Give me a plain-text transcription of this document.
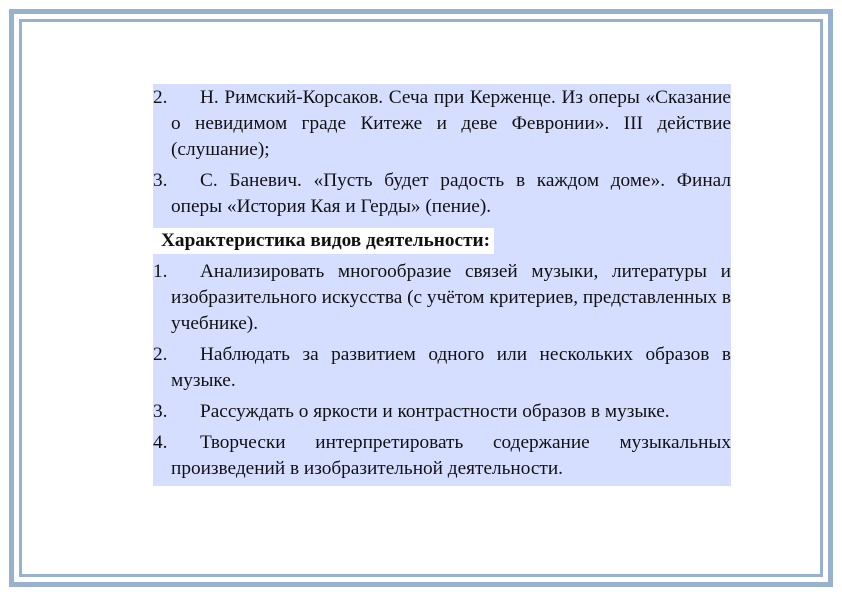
2. Н. Римский-Корсаков. Сеча при Керженце. Из оперы «Сказание о невидимом граде Китеже и деве Февронии». III действие (слушание);

3. С. Баневич. «Пусть будет радость в каждом доме». Финал оперы «История Кая и Герды» (пение).

Характеристика видов деятельности:

1. Анализировать многообразие связей музыки, литературы и изобразительного искусства (с учётом критериев, представленных в учебнике).

2. Наблюдать за развитием одного или нескольких образов в музыке.

3. Рассуждать о яркости и контрастности образов в музыке.

4. Творчески интерпретировать содержание музыкальных произведений в изобразительной деятельности.
